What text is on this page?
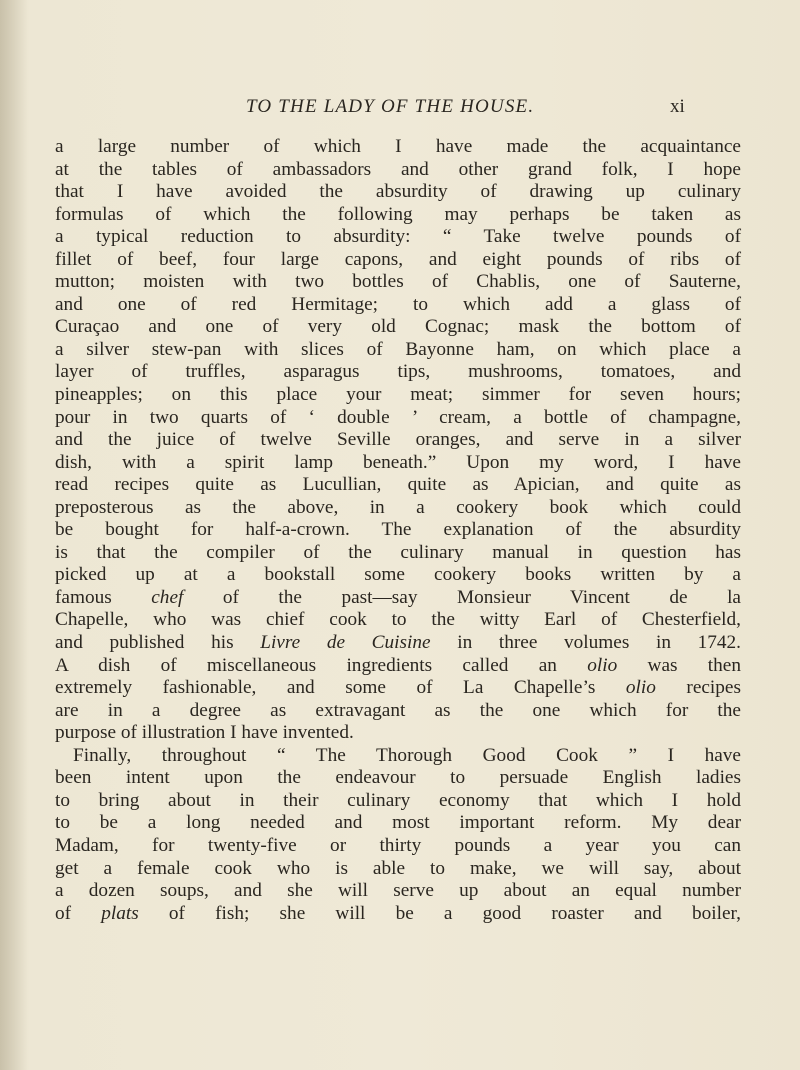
TO THE LADY OF THE HOUSE.	xi
a large number of which I have made the acquaintance
at the tables of ambassadors and other grand folk, I hope
that I have avoided the absurdity of drawing up culinary
formulas of which the following may perhaps be taken as
a typical reduction to absurdity: “ Take twelve pounds of
fillet of beef, four large capons, and eight pounds of ribs of
mutton; moisten with two bottles of Chablis, one of Sauterne,
and one of red Hermitage; to which add a glass of
Curaçao and one of very old Cognac; mask the bottom of
a silver stew-pan with slices of Bayonne ham, on which place a
layer of truffles, asparagus tips, mushrooms, tomatoes, and
pineapples; on this place your meat; simmer for seven hours;
pour in two quarts of ‘ double ’ cream, a bottle of champagne,
and the juice of twelve Seville oranges, and serve in a silver
dish, with a spirit lamp beneath.” Upon my word, I have
read recipes quite as Lucullian, quite as Apician, and quite as
preposterous as the above, in a cookery book which could
be bought for half-a-crown. The explanation of the absurdity
is that the compiler of the culinary manual in question has
picked up at a bookstall some cookery books written by a
famous chef of the past—say Monsieur Vincent de la
Chapelle, who was chief cook to the witty Earl of Chesterfield,
and published his Livre de Cuisine in three volumes in 1742.
A dish of miscellaneous ingredients called an olio was then
extremely fashionable, and some of La Chapelle’s olio recipes
are in a degree as extravagant as the one which for the
purpose of illustration I have invented.
Finally, throughout “ The Thorough Good Cook ” I have
been intent upon the endeavour to persuade English ladies
to bring about in their culinary economy that which I hold
to be a long needed and most important reform. My dear
Madam, for twenty-five or thirty pounds a year you can
get a female cook who is able to make, we will say, about
a dozen soups, and she will serve up about an equal number
of plats of fish; she will be a good roaster and boiler,
